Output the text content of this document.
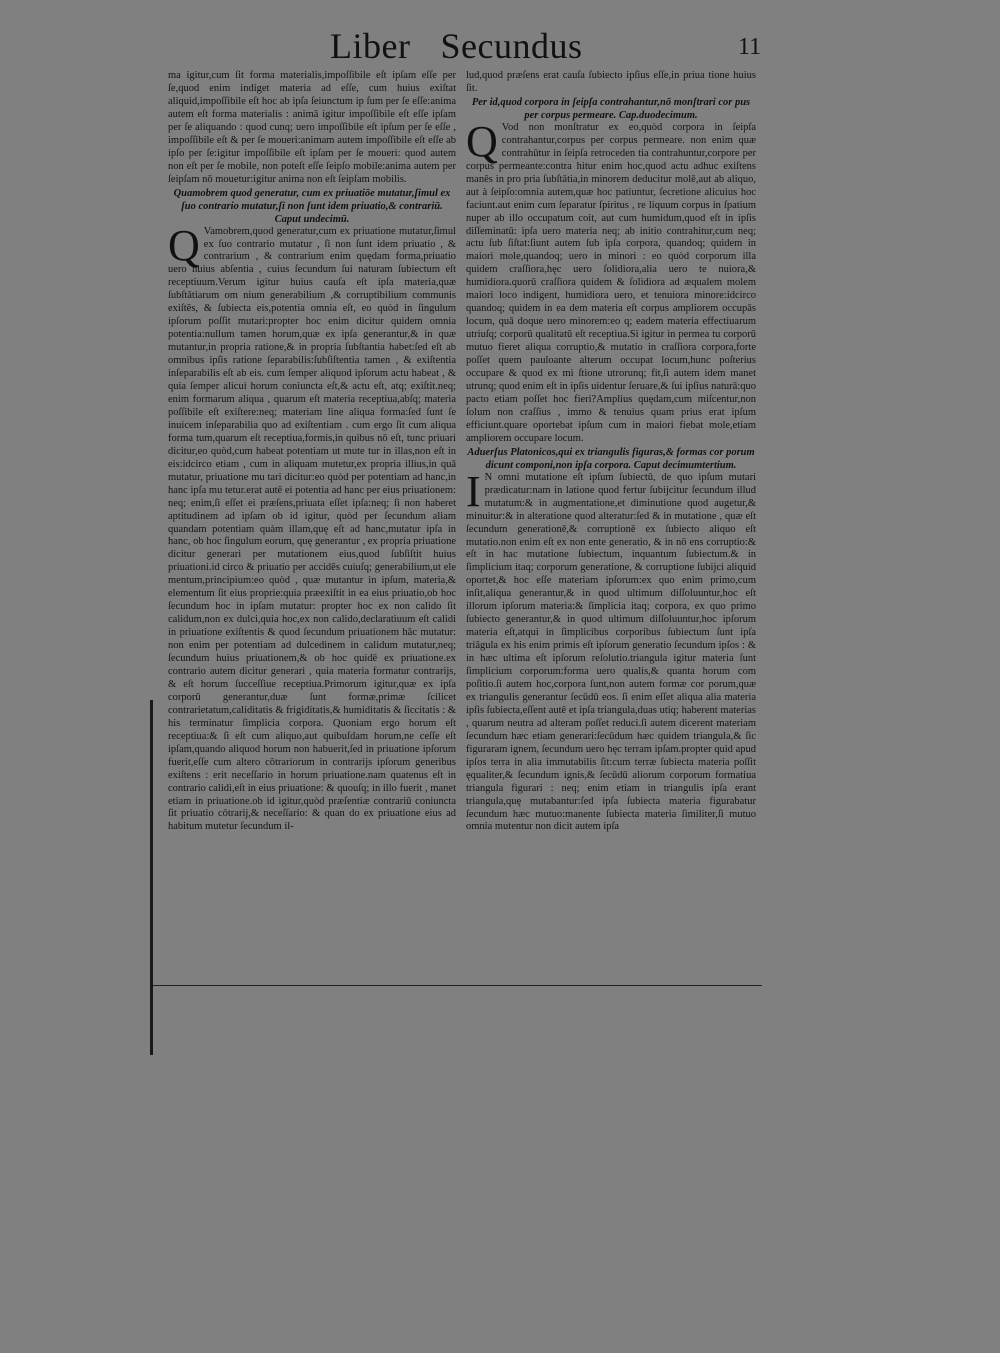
Liber Secundus	11

ma igitur,cum ſit forma materialis,impoſſibile eſt ipſam eſſe per ſe,quod enim indiget materia ad eſſe, cum huius exiſtat aliquid,impoſſibile eſt hoc ab ipſa ſeiunctum ip ſum per ſe eſſe:anima autem eſt forma materialis : animā igitur impoſſibile eſt eſſe ipſam per ſe aliquando : quod cunq; uero impoſſibile eſt ipſum per ſe eſſe , impoſſibile eſt & per ſe moueri:animam autem impoſſibile eſt eſſe ab ipſo per ſe:igitur impoſſibile eſt ipſam per ſe moueri: quod autem non eſt per ſe mobile, non poteſt eſſe ſeipſo mobile:anima autem per ſeipſam nō mouetur:igitur anima non eſt ſeipſam mobilis.

Quamobrem quod generatur, cum ex priuatiōe mutatur,ſimul ex ſuo contrario mutatur,ſi non ſunt idem priuatio,& contrariū. Caput undecimū.

Q Vamobrem,quod generatur,cum ex priuatione mutatur,ſimul ex ſuo contrario mutatur , ſi non ſunt idem priuatio , & contrarium , & contrarium enim quędam forma,priuatio uero huius abſentia , cuius ſecundum ſui naturam ſubiectum eſt receptiuum.Verum igitur huius cauſa eſt ipſa materia,quæ ſubſtātiarum om nium generabilium ,& corruptibilium communis exiſtēs, & ſubiecta eis,potentia omnia eſt, eo quòd in ſingulum ipſorum poſſit mutari:propter hoc enim dicitur quidem omnia potentia:nullum tamen horum,quæ ex ipſa generantur,& in quæ mutantur,in propria ratione,& in propria ſubſtantia habet:ſed eſt ab omnibus ipſis ratione ſeparabilis:ſubſiſtentia tamen , & exiſtentia inſeparabilis eſt ab eis. cum ſemper aliquod ipſorum actu habeat , & quia ſemper alicui horum coniuncta eſt,& actu eſt, atq; exiſtit.neq; enim formarum aliqua , quarum eſt materia receptiua,abſq; materia poſſibile eſt exiſtere:neq; materiam line aliqua forma:ſed ſunt ſe inuicem inſeparabilia quo ad exiſtentiam . cum ergo ſit cum aliqua forma tum,quarum eſt receptiua,formis,in quibus nō eſt, tunc priuari dicitur,eo quòd,cum habeat potentiam ut mute tur in illas,non eſt in eis:idcirco etiam , cum in aliquam mutetur,ex propria illius,in quā mutatur, priuatione mu tari dicitur:eo quòd per potentiam ad hanc,in hanc ipſa mu tetur.erat autē ei potentia ad hanc per eius priuationem: neq; enim,ſi eſſet ei præſens,priuata eſſet ipſa:neq; ſi non haberet aptitudinem ad ipſam ob id igitur, quòd per ſecundum aliam quandam potentiam quàm illam,quę eſt ad hanc,mutatur ipſa in hanc, ob hoc ſingulum eorum, quę generantur , ex propria priuatione dicitur generari per mutationem eius,quod ſubſiſtit huius priuationi.id circo & priuatio per accidēs cuiuſq; generabilium,ut ele mentum,principium:eo quòd , quæ mutantur in ipſum, materia,& elementum ſit eius proprie:quia præexiſtit in ea eius priuatio,ob hoc ſecundum hoc in ipſam mutatur: propter hoc ex non calido ſit calidum,non ex dulci,quia hoc,ex non calido,declaratiuum eſt calidi in priuatione exiſtentis & quod ſecundum priuationem hāc mutatur: non enim per potentiam ad dulcedinem in calidum mutatur,neq; ſecundum huius priuationem,& ob hoc quidē ex priuatione.ex contrario autem dicitur generari , quia materia formatur contrarijs, & eſt horum ſucceſſiue receptiua.Primorum igitur,quæ ex ipſa corporū generantur,duæ ſunt formæ,primæ ſcilicet contrarietatum,caliditatis & frigiditatis,& humiditatis & ſiccitatis : & his terminatur ſimplicia corpora. Quoniam ergo horum eſt receptiua:& ſi eſt cum aliquo,aut quibuſdam horum,ne ceſſe eſt ipſam,quando aliquod horum non habuerit,ſed in priuatione ipſorum fuerit,eſſe cum altero cōtrariorum in contrarijs ipſorum generibus exiſtens : erit neceſſario in horum priuatione.nam quatenus eſt in contrario calidi,eſt in eius priuatione: & quouſq; in illo fuerit , manet etiam in priuatione.ob id igitur,quòd præſentiæ contrariū coniuncta ſit priuatio cōtrarij,& neceſſario: & quan do ex priuatione eius ad habitum mutetur ſecundum il-

lud,quod præſens erat cauſa ſubiecto ipſius eſſe,in priua tione huius ſit.

Per id,quod corpora in ſeipſa contrahantur,nō monſtrari cor pus per corpus permeare. Cap.duodecimum.

Q Vod non monſtratur ex eo,quòd corpora in ſeipſa contrahantur,corpus per corpus permeare. non enim quæ contrahūtur in ſeipſa retroceden tia contrahuntur,corpore per corpus permeante:contra hitur enim hoc,quod actu adhuc exiſtens manēs in pro pria ſubſtātia,in minorem deducitur molē,aut ab aliquo, aut à ſeipſo:omnia autem,quæ hoc patiuntur, ſecretione alicuius hoc faciunt.aut enim cum ſeparatur ſpiritus , re liquum corpus in ſpatium nuper ab illo occupatum coit, aut cum humidum,quod eſt in ipſis diſſeminatū: ipſa uero materia neq; ab initio contrahitur,cum neq; actu ſub ſiſtat:ſiunt autem ſub ipſa corpora, quandoq; quidem in maiori mole,quandoq; uero in minori : eo quòd corporum illa quidem craſſiora,hęc uero ſolidiora,alia uero te nuiora,& humidiora.quorū craſſiora quidem & ſolidiora ad æqualem molem maiori loco indigent, humidiora uero, et tenuiora minore:idcirco quandoq; quidem in ea dem materia eſt corpus ampliorem occupās locum, quā doque uero minorem:eo q; eadem materia effectiuarum utriuſq; corporū qualitatū eſt receptiua.Si igitur in permea tu corporū mutuo fieret aliqua corruptio,& mutatio in craſſiora corpora,forte poſſet quem pauloante alterum occupat locum,hunc poſterius occupare & quod ex mi ſtione utrorunq; fit,ſi autem idem manet utrunq; quod enim eſt in ipſis uidentur ſeruare,& ſui ipſius naturā:quo pacto etiam poſſet hoc fieri?Amplius quędam,cum miſcentur,non ſolum non craſſius , immo & tenuius quam prius erat ipſum efficiunt.quare oportebat ipſum cum in maiori fiebat mole,etiam ampliorem occupare locum.

Aduerſus Platonicos,qui ex triangulis figuras,& formas cor porum dicunt componi,non ipſa corpora. Caput decimumtertium.

I N omni mutatione eſt ipſum ſubiectū, de quo ipſum mutari prædicatur:nam in latione quod fertur ſubijcitur ſecundum illud mutatum:& in augmentatione,et diminutione quod augetur,& minuitur:& in alteratione quod alteratur:ſed & in mutatione , quæ eſt ſecundum generationē,& corruptionē ex ſubiecto aliquo eſt mutatio.non enim eſt ex non ente generatio, & in nō ens corruptio:& eſt in hac mutatione ſubiectum, inquantum ſubiectum.& in ſimplicium itaq; corporum generatione, & corruptione ſubijci aliquid oportet,& hoc eſſe materiam ipſorum:ex quo enim primo,cum inſit,aliqua generantur,& in quod ultimum diſſoluuntur,hoc eſt illorum ipſorum materia:& ſimplicia itaq; corpora, ex quo primo ſubiecto generantur,& in quod ultimum diſſoluuntur,hoc ipſorum materia eſt,atqui in ſimplicibus corporibus ſubiectum ſunt ipſa triāgula ex his enim primis eſt ipſorum generatio ſecundum ipſos : & in hæc ultima eſt ipſorum reſolutio.triangula igitur materia ſunt ſimplicium corporum:forma uero qualis,& quanta horum com poſitio.ſi autem hoc,corpora ſunt,non autem formæ cor porum,quæ ex triangulis generantur ſecūdū eos. ſi enim eſſet aliqua alia materia ipſis ſubiecta,eſſent autē et ipſa triangula,duas utiq; haberent materias , quarum neutra ad alteram poſſet reduci.ſi autem dicerent materiam ſecundum hæc etiam generari:ſecūdum hæc quidem triangula,& ſic figuraram ignem, ſecundum uero hęc terram ipſam.propter quid apud ipſos terra in alia immutabilis ſit:cum terræ ſubiecta materia poſſit ęqualiter,& ſecundum ignis,& ſecūdū aliorum corporum formatiua triangula figurari : neq; enim etiam in triangulis ipſa erant triangula,quę mutabantur:ſed ipſa ſubiecta materia figurabatur ſecundum hæc mutuo:manente ſubiecta materia ſimiliter,ſi mutuo omnia mutentur non dicit autem ipſa
